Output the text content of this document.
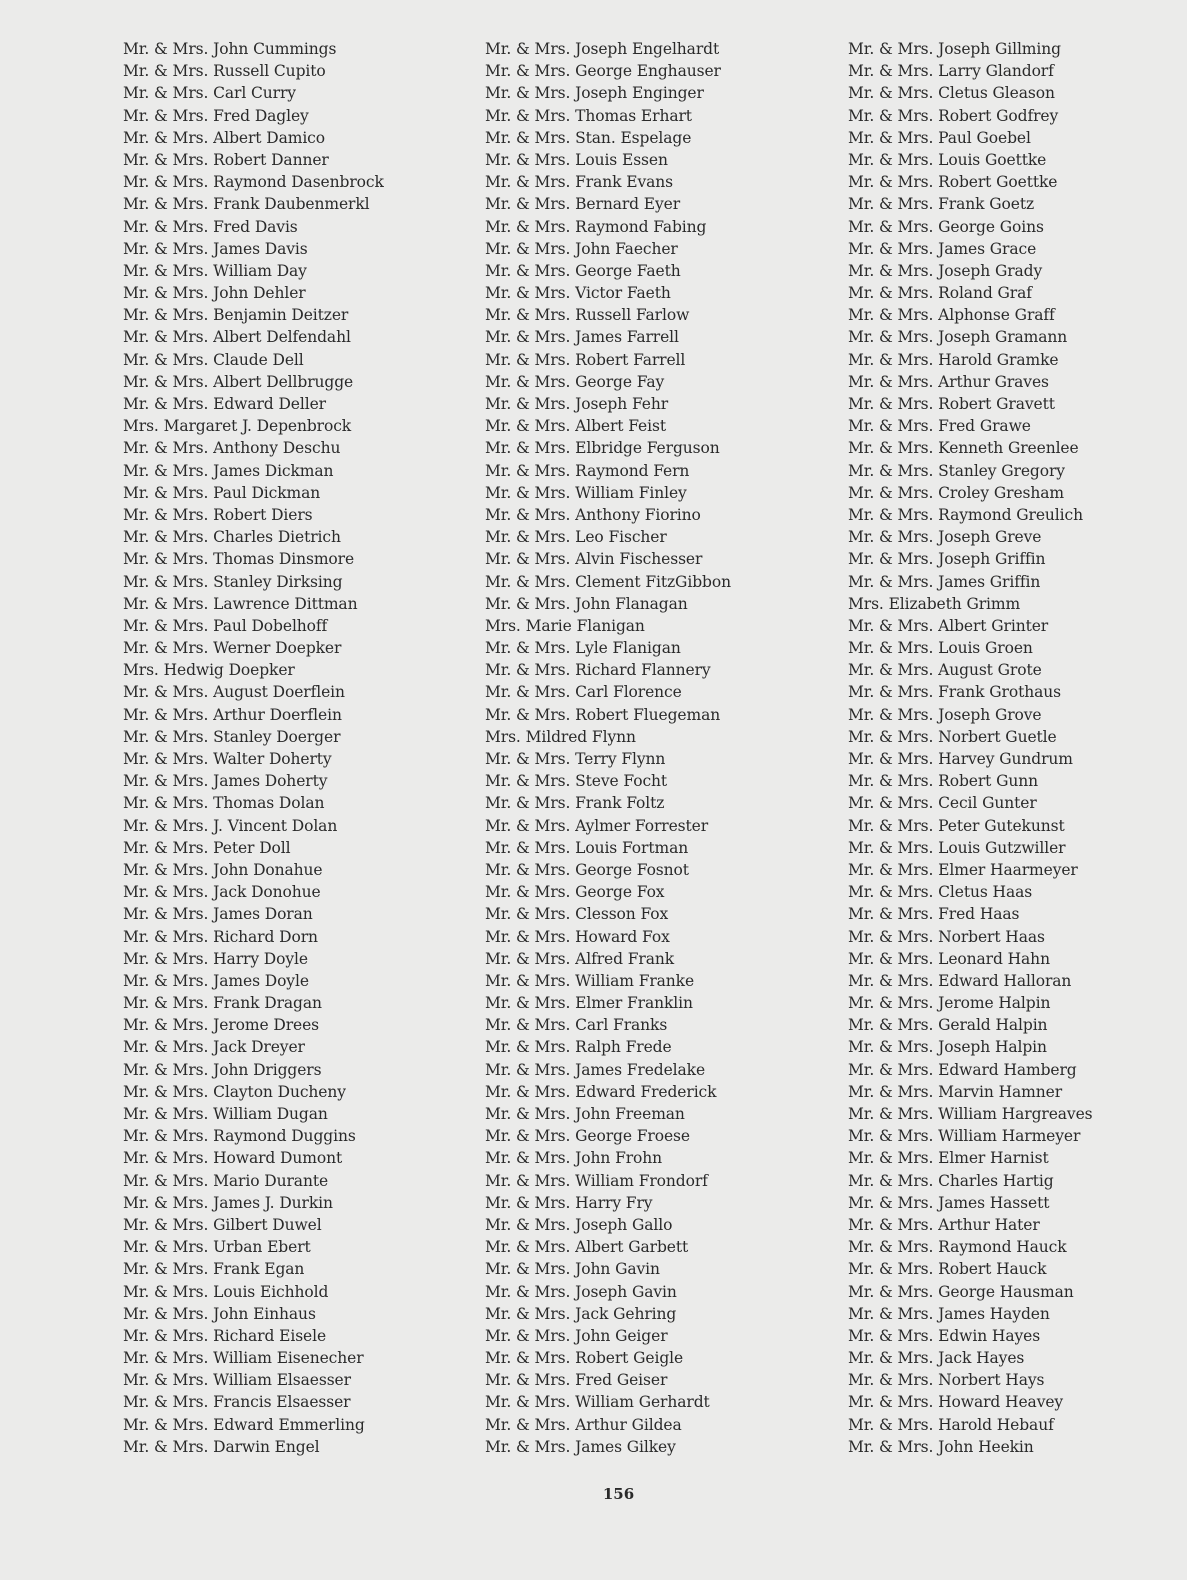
Mr. & Mrs. John Cummings
Mr. & Mrs. Russell Cupito
Mr. & Mrs. Carl Curry
Mr. & Mrs. Fred Dagley
Mr. & Mrs. Albert Damico
Mr. & Mrs. Robert Danner
Mr. & Mrs. Raymond Dasenbrock
Mr. & Mrs. Frank Daubenmerkl
Mr. & Mrs. Fred Davis
Mr. & Mrs. James Davis
Mr. & Mrs. William Day
Mr. & Mrs. John Dehler
Mr. & Mrs. Benjamin Deitzer
Mr. & Mrs. Albert Delfendahl
Mr. & Mrs. Claude Dell
Mr. & Mrs. Albert Dellbrugge
Mr. & Mrs. Edward Deller
Mrs. Margaret J. Depenbrock
Mr. & Mrs. Anthony Deschu
Mr. & Mrs. James Dickman
Mr. & Mrs. Paul Dickman
Mr. & Mrs. Robert Diers
Mr. & Mrs. Charles Dietrich
Mr. & Mrs. Thomas Dinsmore
Mr. & Mrs. Stanley Dirksing
Mr. & Mrs. Lawrence Dittman
Mr. & Mrs. Paul Dobelhoff
Mr. & Mrs. Werner Doepker
Mrs. Hedwig Doepker
Mr. & Mrs. August Doerflein
Mr. & Mrs. Arthur Doerflein
Mr. & Mrs. Stanley Doerger
Mr. & Mrs. Walter Doherty
Mr. & Mrs. James Doherty
Mr. & Mrs. Thomas Dolan
Mr. & Mrs. J. Vincent Dolan
Mr. & Mrs. Peter Doll
Mr. & Mrs. John Donahue
Mr. & Mrs. Jack Donohue
Mr. & Mrs. James Doran
Mr. & Mrs. Richard Dorn
Mr. & Mrs. Harry Doyle
Mr. & Mrs. James Doyle
Mr. & Mrs. Frank Dragan
Mr. & Mrs. Jerome Drees
Mr. & Mrs. Jack Dreyer
Mr. & Mrs. John Driggers
Mr. & Mrs. Clayton Ducheny
Mr. & Mrs. William Dugan
Mr. & Mrs. Raymond Duggins
Mr. & Mrs. Howard Dumont
Mr. & Mrs. Mario Durante
Mr. & Mrs. James J. Durkin
Mr. & Mrs. Gilbert Duwel
Mr. & Mrs. Urban Ebert
Mr. & Mrs. Frank Egan
Mr. & Mrs. Louis Eichhold
Mr. & Mrs. John Einhaus
Mr. & Mrs. Richard Eisele
Mr. & Mrs. William Eisenecher
Mr. & Mrs. William Elsaesser
Mr. & Mrs. Francis Elsaesser
Mr. & Mrs. Edward Emmerling
Mr. & Mrs. Darwin Engel
Mr. & Mrs. Joseph Engelhardt
Mr. & Mrs. George Enghauser
Mr. & Mrs. Joseph Enginger
Mr. & Mrs. Thomas Erhart
Mr. & Mrs. Stan. Espelage
Mr. & Mrs. Louis Essen
Mr. & Mrs. Frank Evans
Mr. & Mrs. Bernard Eyer
Mr. & Mrs. Raymond Fabing
Mr. & Mrs. John Faecher
Mr. & Mrs. George Faeth
Mr. & Mrs. Victor Faeth
Mr. & Mrs. Russell Farlow
Mr. & Mrs. James Farrell
Mr. & Mrs. Robert Farrell
Mr. & Mrs. George Fay
Mr. & Mrs. Joseph Fehr
Mr. & Mrs. Albert Feist
Mr. & Mrs. Elbridge Ferguson
Mr. & Mrs. Raymond Fern
Mr. & Mrs. William Finley
Mr. & Mrs. Anthony Fiorino
Mr. & Mrs. Leo Fischer
Mr. & Mrs. Alvin Fischesser
Mr. & Mrs. Clement FitzGibbon
Mr. & Mrs. John Flanagan
Mrs. Marie Flanigan
Mr. & Mrs. Lyle Flanigan
Mr. & Mrs. Richard Flannery
Mr. & Mrs. Carl Florence
Mr. & Mrs. Robert Fluegeman
Mrs. Mildred Flynn
Mr. & Mrs. Terry Flynn
Mr. & Mrs. Steve Focht
Mr. & Mrs. Frank Foltz
Mr. & Mrs. Aylmer Forrester
Mr. & Mrs. Louis Fortman
Mr. & Mrs. George Fosnot
Mr. & Mrs. George Fox
Mr. & Mrs. Clesson Fox
Mr. & Mrs. Howard Fox
Mr. & Mrs. Alfred Frank
Mr. & Mrs. William Franke
Mr. & Mrs. Elmer Franklin
Mr. & Mrs. Carl Franks
Mr. & Mrs. Ralph Frede
Mr. & Mrs. James Fredelake
Mr. & Mrs. Edward Frederick
Mr. & Mrs. John Freeman
Mr. & Mrs. George Froese
Mr. & Mrs. John Frohn
Mr. & Mrs. William Frondorf
Mr. & Mrs. Harry Fry
Mr. & Mrs. Joseph Gallo
Mr. & Mrs. Albert Garbett
Mr. & Mrs. John Gavin
Mr. & Mrs. Joseph Gavin
Mr. & Mrs. Jack Gehring
Mr. & Mrs. John Geiger
Mr. & Mrs. Robert Geigle
Mr. & Mrs. Fred Geiser
Mr. & Mrs. William Gerhardt
Mr. & Mrs. Arthur Gildea
Mr. & Mrs. James Gilkey
Mr. & Mrs. Joseph Gillming
Mr. & Mrs. Larry Glandorf
Mr. & Mrs. Cletus Gleason
Mr. & Mrs. Robert Godfrey
Mr. & Mrs. Paul Goebel
Mr. & Mrs. Louis Goettke
Mr. & Mrs. Robert Goettke
Mr. & Mrs. Frank Goetz
Mr. & Mrs. George Goins
Mr. & Mrs. James Grace
Mr. & Mrs. Joseph Grady
Mr. & Mrs. Roland Graf
Mr. & Mrs. Alphonse Graff
Mr. & Mrs. Joseph Gramann
Mr. & Mrs. Harold Gramke
Mr. & Mrs. Arthur Graves
Mr. & Mrs. Robert Gravett
Mr. & Mrs. Fred Grawe
Mr. & Mrs. Kenneth Greenlee
Mr. & Mrs. Stanley Gregory
Mr. & Mrs. Croley Gresham
Mr. & Mrs. Raymond Greulich
Mr. & Mrs. Joseph Greve
Mr. & Mrs. Joseph Griffin
Mr. & Mrs. James Griffin
Mrs. Elizabeth Grimm
Mr. & Mrs. Albert Grinter
Mr. & Mrs. Louis Groen
Mr. & Mrs. August Grote
Mr. & Mrs. Frank Grothaus
Mr. & Mrs. Joseph Grove
Mr. & Mrs. Norbert Guetle
Mr. & Mrs. Harvey Gundrum
Mr. & Mrs. Robert Gunn
Mr. & Mrs. Cecil Gunter
Mr. & Mrs. Peter Gutekunst
Mr. & Mrs. Louis Gutzwiller
Mr. & Mrs. Elmer Haarmeyer
Mr. & Mrs. Cletus Haas
Mr. & Mrs. Fred Haas
Mr. & Mrs. Norbert Haas
Mr. & Mrs. Leonard Hahn
Mr. & Mrs. Edward Halloran
Mr. & Mrs. Jerome Halpin
Mr. & Mrs. Gerald Halpin
Mr. & Mrs. Joseph Halpin
Mr. & Mrs. Edward Hamberg
Mr. & Mrs. Marvin Hamner
Mr. & Mrs. William Hargreaves
Mr. & Mrs. William Harmeyer
Mr. & Mrs. Elmer Harnist
Mr. & Mrs. Charles Hartig
Mr. & Mrs. James Hassett
Mr. & Mrs. Arthur Hater
Mr. & Mrs. Raymond Hauck
Mr. & Mrs. Robert Hauck
Mr. & Mrs. George Hausman
Mr. & Mrs. James Hayden
Mr. & Mrs. Edwin Hayes
Mr. & Mrs. Jack Hayes
Mr. & Mrs. Norbert Hays
Mr. & Mrs. Howard Heavey
Mr. & Mrs. Harold Hebauf
Mr. & Mrs. John Heekin
156
